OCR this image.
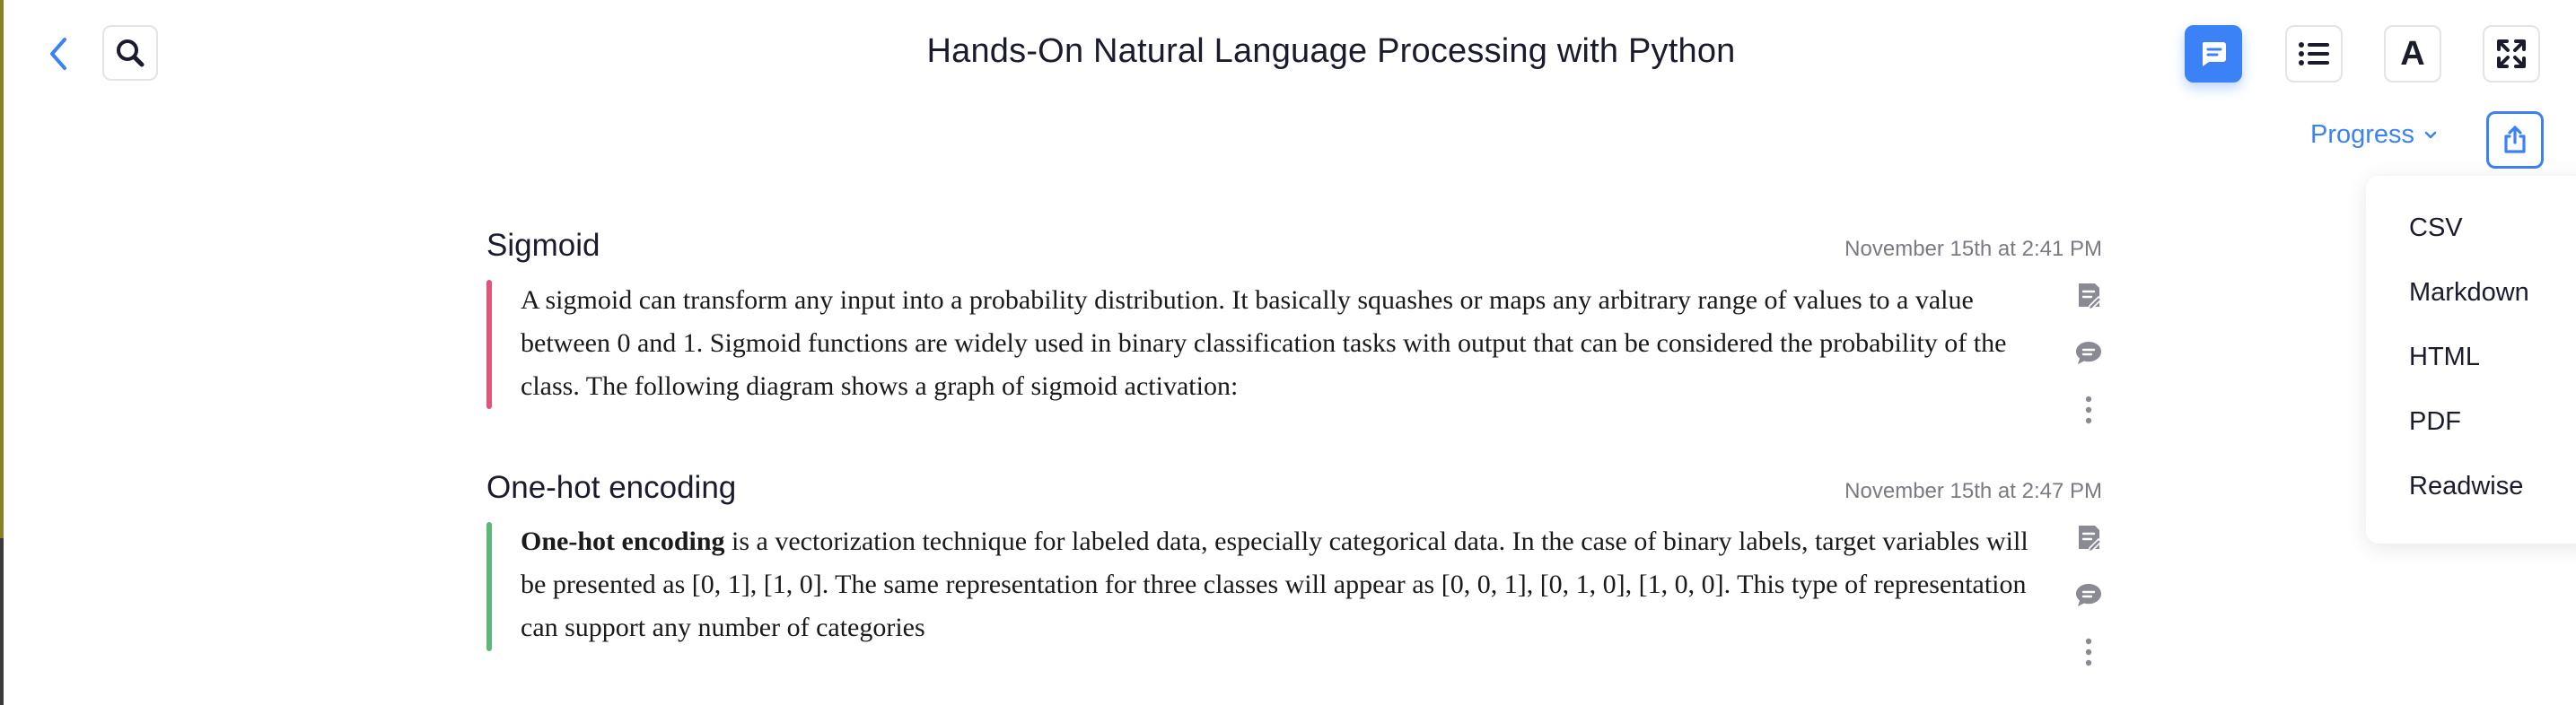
Hands-On Natural Language Processing with Python	A
Progress
CSV
Markdown
HTML
PDF
Readwise
Sigmoid	November 15th at 2:41 PM
A sigmoid can transform any input into a probability distribution. It basically squashes or maps any arbitrary range of values to a value between 0 and 1. Sigmoid functions are widely used in binary classification tasks with output that can be considered the probability of the class. The following diagram shows a graph of sigmoid activation:
One-hot encoding	November 15th at 2:47 PM
One-hot encoding is a vectorization technique for labeled data, especially categorical data. In the case of binary labels, target variables will be presented as [0, 1], [1, 0]. The same representation for three classes will appear as [0, 0, 1], [0, 1, 0], [1, 0, 0]. This type of representation can support any number of categories
